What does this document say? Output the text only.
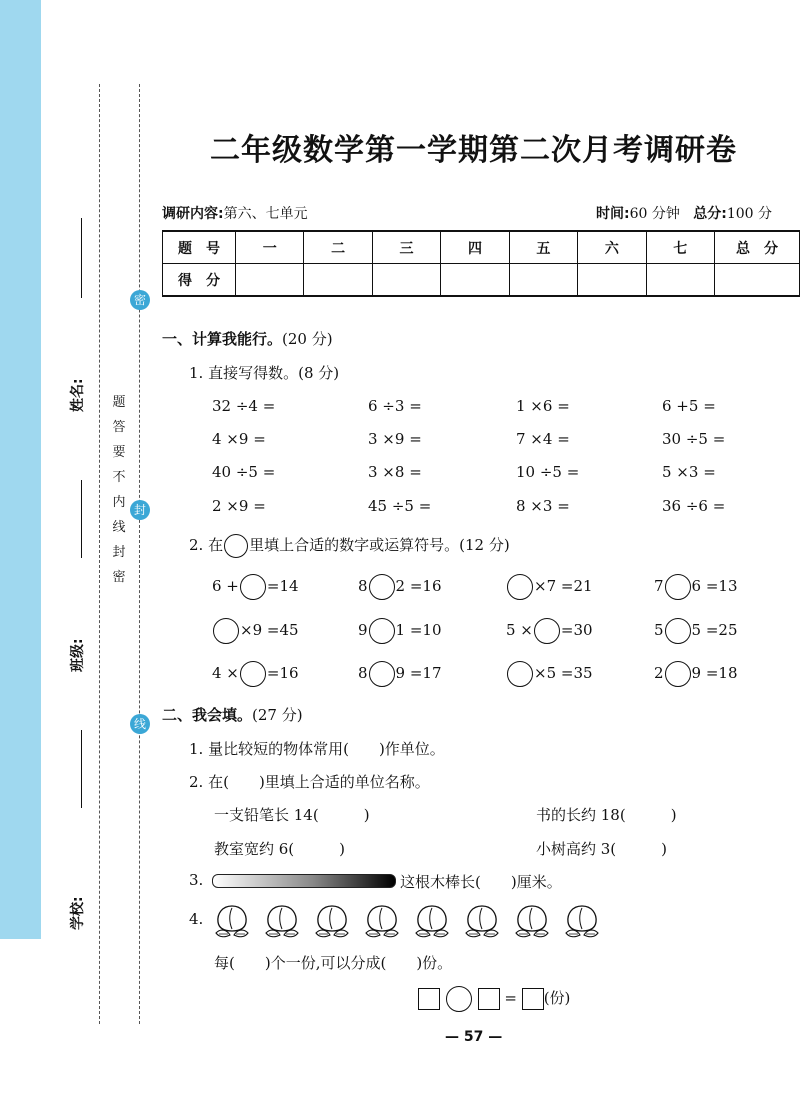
学校:
班级:
姓名: 题
答
要
不
内
线
封
密
密
封
线
二年级数学第一学期第二次月考调研卷
调研内容:第六、七单元	时间:60 分钟 总分:100 分
题　号	一	二	三	四	五	六	七	总　分
得　分								
一、计算我能行。(20 分)
1. 直接写得数。(8 分)
32 ÷4 =	6 ÷3 =	1 ×6 =	6 +5 =
4 ×9 =	3 ×9 =	7 ×4 =	30 ÷5 =
40 ÷5 =	3 ×8 =	10 ÷5 =	5 ×3 =
2 ×9 =	45 ÷5 =	8 ×3 =	36 ÷6 =
2. 在 里填上合适的数字或运算符号。(12 分)
6 + =14	8 2 =16	×7 =21	7 6 =13
×9 =45	9 1 =10	5 × =30	5 5 =25
4 × =16	8 9 =17	×5 =35	2 9 =18
二、我会填。(27 分)
1. 量比较短的物体常用(　　)作单位。
2. 在(　　)里填上合适的单位名称。
一支铅笔长 14(　　　)	书的长约 18(　　　)
教室宽约 6(　　　)	小树高约 3(　　　)
3.	这根木棒长(　　)厘米。
4.
每(　　)个一份,可以分成(　　)份。
= (份)
— 57 —
